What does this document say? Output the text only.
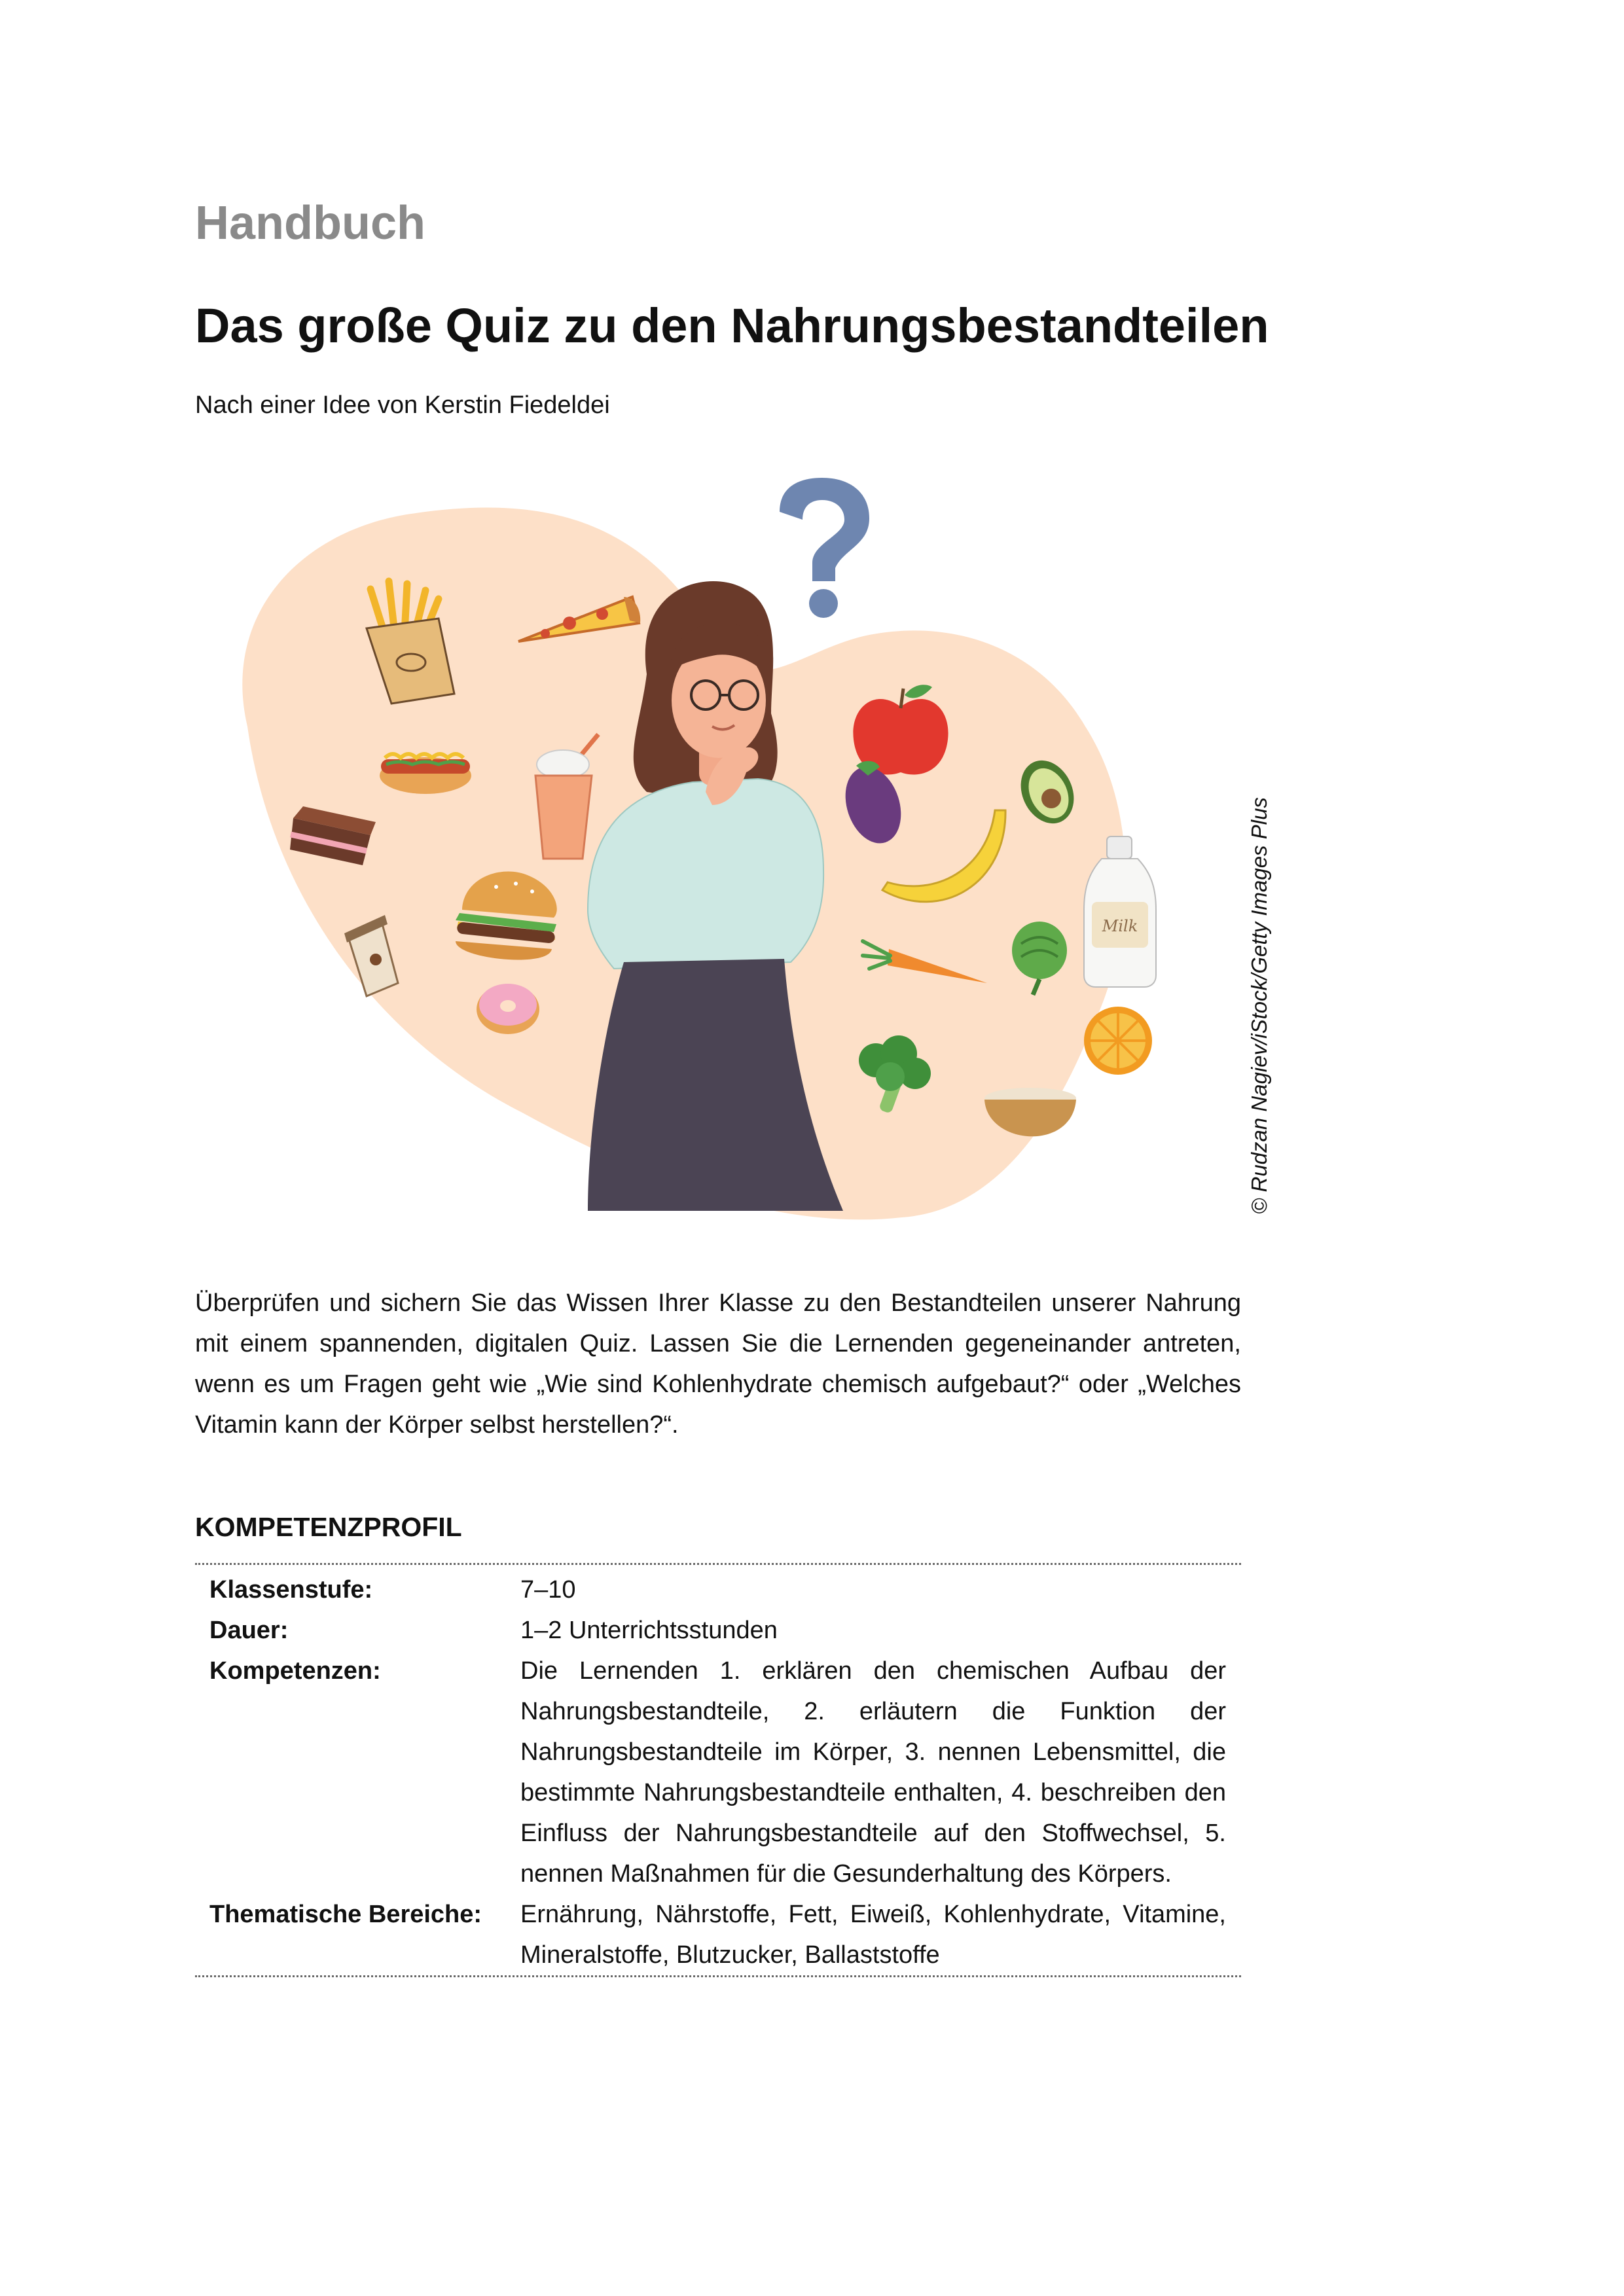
Handbuch
Das große Quiz zu den Nahrungsbestandteilen
Nach einer Idee von Kerstin Fiedeldei
Milk	© Rudzan Nagiev/iStock/Getty Images Plus

Überprüfen und sichern Sie das Wissen Ihrer Klasse zu den Bestandteilen unserer Nahrung mit einem spannenden, digitalen Quiz. Lassen Sie die Lernenden gegeneinander antreten, wenn es um Fragen geht wie „Wie sind Kohlenhydrate chemisch aufgebaut?“ oder „Welches Vitamin kann der Körper selbst herstellen?“.

KOMPETENZPROFIL
Klassenstufe:	7–10
Dauer:	1–2 Unterrichtsstunden
Kompetenzen:	Die Lernenden 1. erklären den chemischen Aufbau der Nahrungsbestandteile, 2. erläutern die Funktion der Nahrungsbestandteile im Körper, 3. nennen Lebensmittel, die bestimmte Nahrungsbestandteile enthalten, 4. beschreiben den Einfluss der Nahrungsbestandteile auf den Stoffwechsel, 5. nennen Maßnahmen für die Gesunderhaltung des Körpers.
Thematische Bereiche:	Ernährung, Nährstoffe, Fett, Eiweiß, Kohlenhydrate, Vitamine, Mineralstoffe, Blutzucker, Ballaststoffe
